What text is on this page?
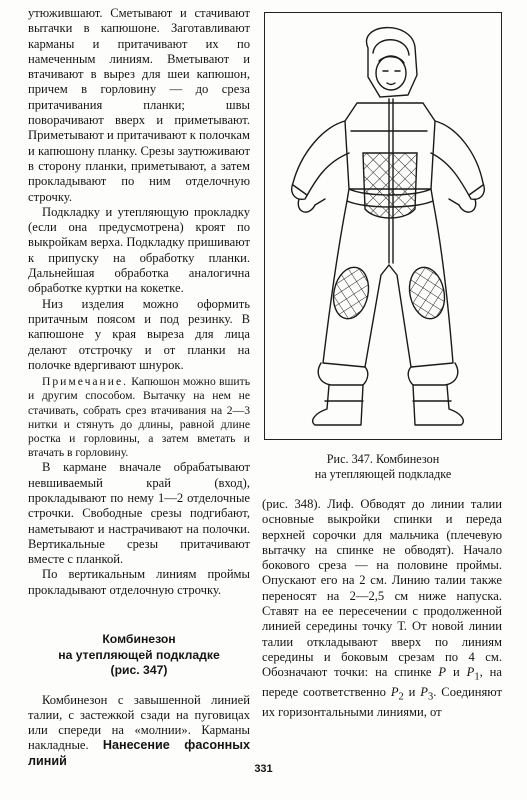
утюжившают. Сметывают и стачивают вытачки в капюшоне. Заготавливают карманы и притачивают их по намеченным линиям. Вметывают и втачивают в вырез для шеи капюшон, причем в горловину — до среза притачивания планки; швы поворачивают вверх и приметывают. Приметывают и притачивают к полочкам и капюшону планку. Срезы заутюживают в сторону планки, приметывают, а затем прокладывают по ним отделочную строчку.

Подкладку и утепляющую прокладку (если она предусмотрена) кроят по выкройкам верха. Подкладку пришивают к припуску на обработку планки. Дальнейшая обработка аналогична обработке куртки на кокетке.

Низ изделия можно оформить притачным поясом и под резинку. В капюшоне у края выреза для лица делают отстрочку и от планки на полочке вдергивают шнурок.

Примечание. Капюшон можно вшить и другим способом. Вытачку на нем не стачивать, собрать срез втачивания на 2—3 нитки и стянуть до длины, равной длине ростка и горловины, а затем вметать и втачать в горловину.

В кармане вначале обрабатывают невшиваемый край (вход), прокладывают по нему 1—2 отделочные строчки. Свободные срезы подгибают, наметывают и настрачивают на полочки. Вертикальные срезы притачивают вместе с планкой.

По вертикальным линиям проймы прокладывают отделочную строчку.

Комбинезон
на утепляющей подкладке
(рис. 347)

Комбинезон с завышенной линией талии, с застежкой сзади на пуговицах или спереди на «молнии». Карманы накладные. Нанесение фасонных линий

Рис. 347. Комбинезон
на утепляющей подкладке

(рис. 348). Лиф. Обводят до линии талии основные выкройки спинки и переда верхней сорочки для мальчика (плечевую вытачку на спинке не обводят). Начало бокового среза — на половине проймы. Опускают его на 2 см. Линию талии также переносят на 2—2,5 см ниже напуска. Ставят на ее пересечении с продолженной линией середины точку Т. От новой линии талии откладывают вверх по линиям середины и боковым срезам по 4 см. Обозначают точки: на спинке Р и $Р_1$, на переде соответственно $Р_2$ и $Р_3$. Соединяют их горизонтальными линиями, от

331
